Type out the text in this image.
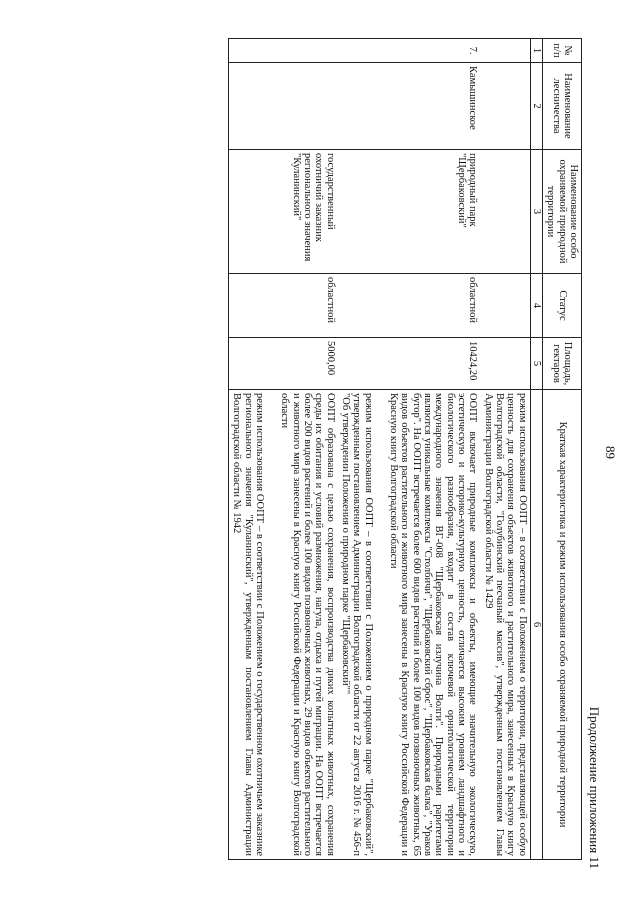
89
Продолжение приложения 11
№ п/п	Наименование лесничества	Наименование особо охраняемой природной территории	Статус	Площадь, гектаров	Краткая характеристика и режим использования особо охраняемой природной территории
1	2	3	4	5	6

					режим использования ООПТ – в соответствии с Положением о территории, представляющей особую ценность для сохранения объектов животного и растительного мира, занесенных в Красную книгу Волгоградской области, "Голубинский песчаный массив", утвержденным постановлением Главы Администрации Волгоградской области № 1429

7.	Камышинское	природный парк "Щербаковский"	областной	10424,20	ООПТ включает природные комплексы и объекты, имеющие значительную экологическую, эстетическую и историко-культурную ценность, отличается высоким уровнем ландшафтного и биологического разнообразия, входит в состав ключевой орнитологической территории международного значения ВГ-008 "Щербаковская излучина Волги". Природными раритетами являются уникальные комплексы "Столбичи", "Щербаковский сброс", "Щербаковская балка", "Ураков бугор". На ООПТ встречается более 600 видов растений и более 100 видов позвоночных животных, 65 видов объектов растительного и животного мира занесены в Красную книгу Российской Федерации и Красную книгу Волгоградской области
режим использования ООПТ – в соответствии с Положением о природном парке "Щербаковский", утвержденным постановлением Администрации Волгоградской области от 22 августа 2016 г. № 456-п "Об утверждении Положения о природном парке "Щербаковский""

		государственный охотничий заказник регионального значения "Куланинский"	областной	5000,00	ООПТ образована с целью сохранения, воспроизводства диких копытных животных, сохранения среды их обитания и условий размножения, нагула, отдыха и путей миграции. На ООПТ встречается более 200 видов растений и более 100 видов позвоночных животных, 29 видов объектов растительного и животного мира занесены в Красную книгу Российской Федерации и Красную книгу Волгоградской области
режим использования ООПТ – в соответствии с Положением о государственном охотничьем заказнике регионального значения "Куланинский", утвержденным постановлением Главы Администрации Волгоградской области № 1942
